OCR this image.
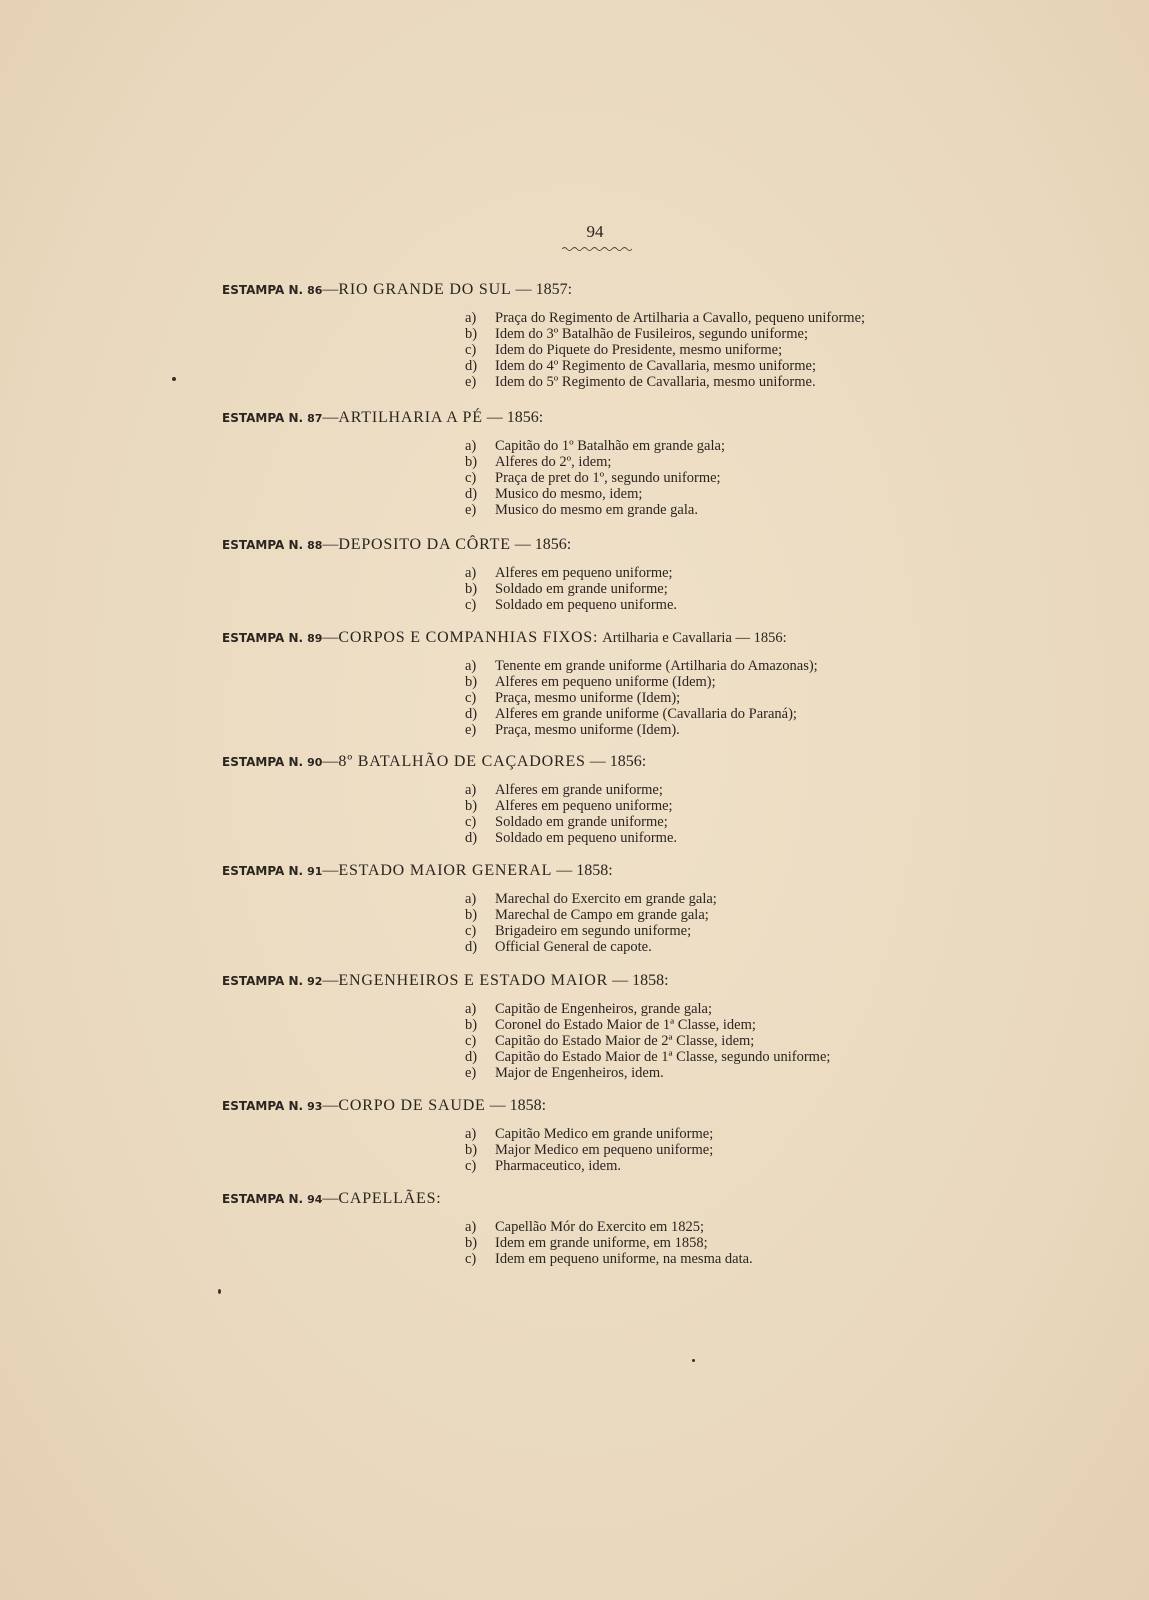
94
ESTAMPA N. 86—RIO GRANDE DO SUL — 1857:
a)	Praça do Regimento de Artilharia a Cavallo, pequeno uniforme;
b)	Idem do 3º Batalhão de Fusileiros, segundo uniforme;
c)	Idem do Piquete do Presidente, mesmo uniforme;
d)	Idem do 4º Regimento de Cavallaria, mesmo uniforme;
e)	Idem do 5º Regimento de Cavallaria, mesmo uniforme.
ESTAMPA N. 87—ARTILHARIA A PÉ — 1856:
a)	Capitão do 1º Batalhão em grande gala;
b)	Alferes do 2º, idem;
c)	Praça de pret do 1º, segundo uniforme;
d)	Musico do mesmo, idem;
e)	Musico do mesmo em grande gala.
ESTAMPA N. 88—DEPOSITO DA CÔRTE — 1856:
a)	Alferes em pequeno uniforme;
b)	Soldado em grande uniforme;
c)	Soldado em pequeno uniforme.
ESTAMPA N. 89—CORPOS E COMPANHIAS FIXOS: Artilharia e Cavallaria — 1856:
a)	Tenente em grande uniforme (Artilharia do Amazonas);
b)	Alferes em pequeno uniforme (Idem);
c)	Praça, mesmo uniforme (Idem);
d)	Alferes em grande uniforme (Cavallaria do Paraná);
e)	Praça, mesmo uniforme (Idem).
ESTAMPA N. 90—8º BATALHÃO DE CAÇADORES — 1856:
a)	Alferes em grande uniforme;
b)	Alferes em pequeno uniforme;
c)	Soldado em grande uniforme;
d)	Soldado em pequeno uniforme.
ESTAMPA N. 91—ESTADO MAIOR GENERAL — 1858:
a)	Marechal do Exercito em grande gala;
b)	Marechal de Campo em grande gala;
c)	Brigadeiro em segundo uniforme;
d)	Official General de capote.
ESTAMPA N. 92—ENGENHEIROS E ESTADO MAIOR — 1858:
a)	Capitão de Engenheiros, grande gala;
b)	Coronel do Estado Maior de 1ª Classe, idem;
c)	Capitão do Estado Maior de 2ª Classe, idem;
d)	Capitão do Estado Maior de 1ª Classe, segundo uniforme;
e)	Major de Engenheiros, idem.
ESTAMPA N. 93—CORPO DE SAUDE — 1858:
a)	Capitão Medico em grande uniforme;
b)	Major Medico em pequeno uniforme;
c)	Pharmaceutico, idem.
ESTAMPA N. 94—CAPELLÃES:
a)	Capellão Mór do Exercito em 1825;
b)	Idem em grande uniforme, em 1858;
c)	Idem em pequeno uniforme, na mesma data.
